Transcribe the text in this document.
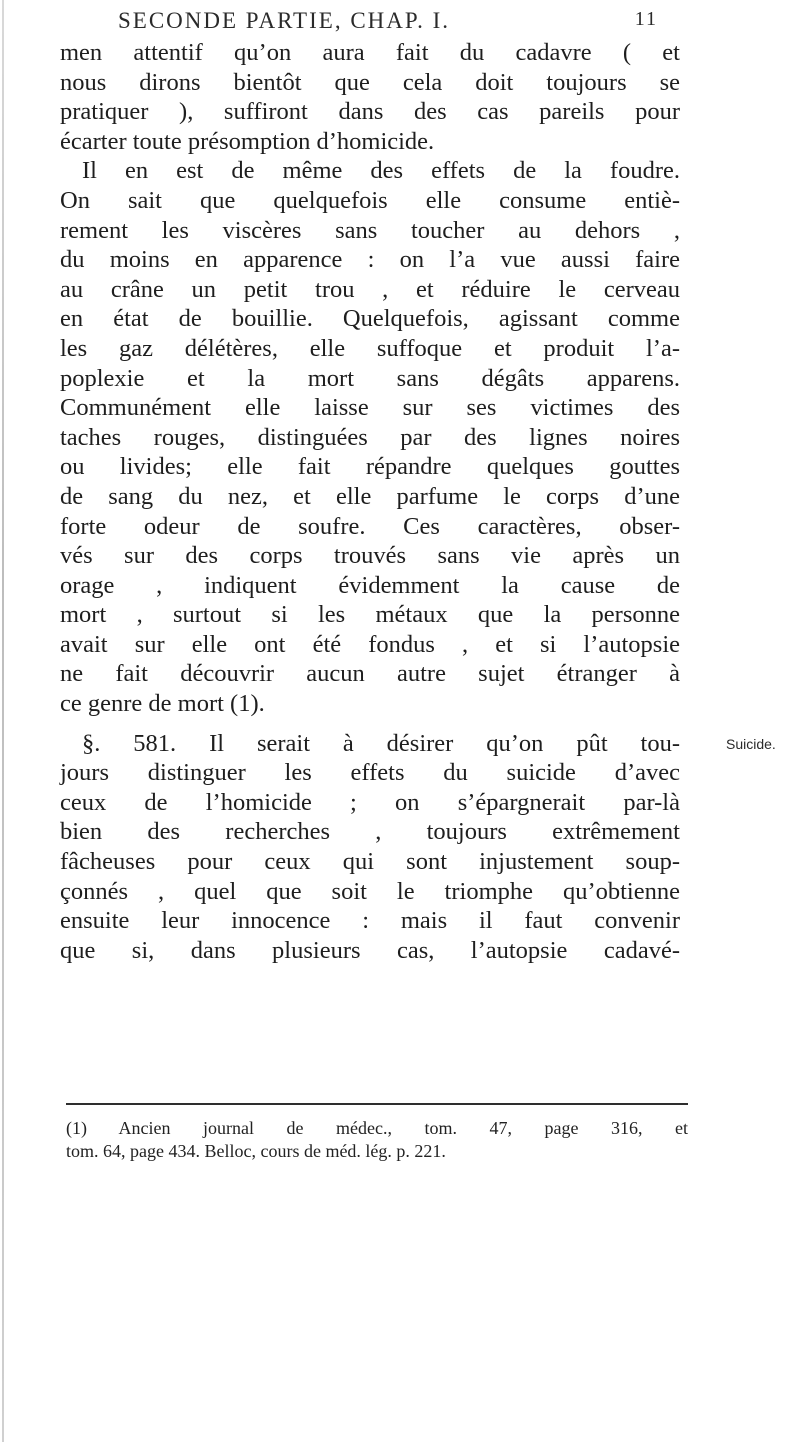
SECONDE PARTIE, CHAP. I.	11
men attentif qu’on aura fait du cadavre ( et
nous dirons bientôt que cela doit toujours se
pratiquer ), suffiront dans des cas pareils pour
écarter toute présomption d’homicide.
Il en est de même des effets de la foudre.
On sait que quelquefois elle consume entiè-
rement les viscères sans toucher au dehors ,
du moins en apparence : on l’a vue aussi faire
au crâne un petit trou , et réduire le cerveau
en état de bouillie. Quelquefois, agissant comme
les gaz délétères, elle suffoque et produit l’a-
poplexie et la mort sans dégâts apparens.
Communément elle laisse sur ses victimes des
taches rouges, distinguées par des lignes noires
ou livides; elle fait répandre quelques gouttes
de sang du nez, et elle parfume le corps d’une
forte odeur de soufre. Ces caractères, obser-
vés sur des corps trouvés sans vie après un
orage , indiquent évidemment la cause de
mort , surtout si les métaux que la personne
avait sur elle ont été fondus , et si l’autopsie
ne fait découvrir aucun autre sujet étranger à
ce genre de mort (1).
§. 581. Il serait à désirer qu’on pût tou-
jours distinguer les effets du suicide d’avec
ceux de l’homicide ; on s’épargnerait par-là
bien des recherches , toujours extrêmement
fâcheuses pour ceux qui sont injustement soup-
çonnés , quel que soit le triomphe qu’obtienne
ensuite leur innocence : mais il faut convenir
que si, dans plusieurs cas, l’autopsie cadavé-
Suicide.
(1) Ancien journal de médec., tom. 47, page 316, et
tom. 64, page 434. Belloc, cours de méd. lég. p. 221.
